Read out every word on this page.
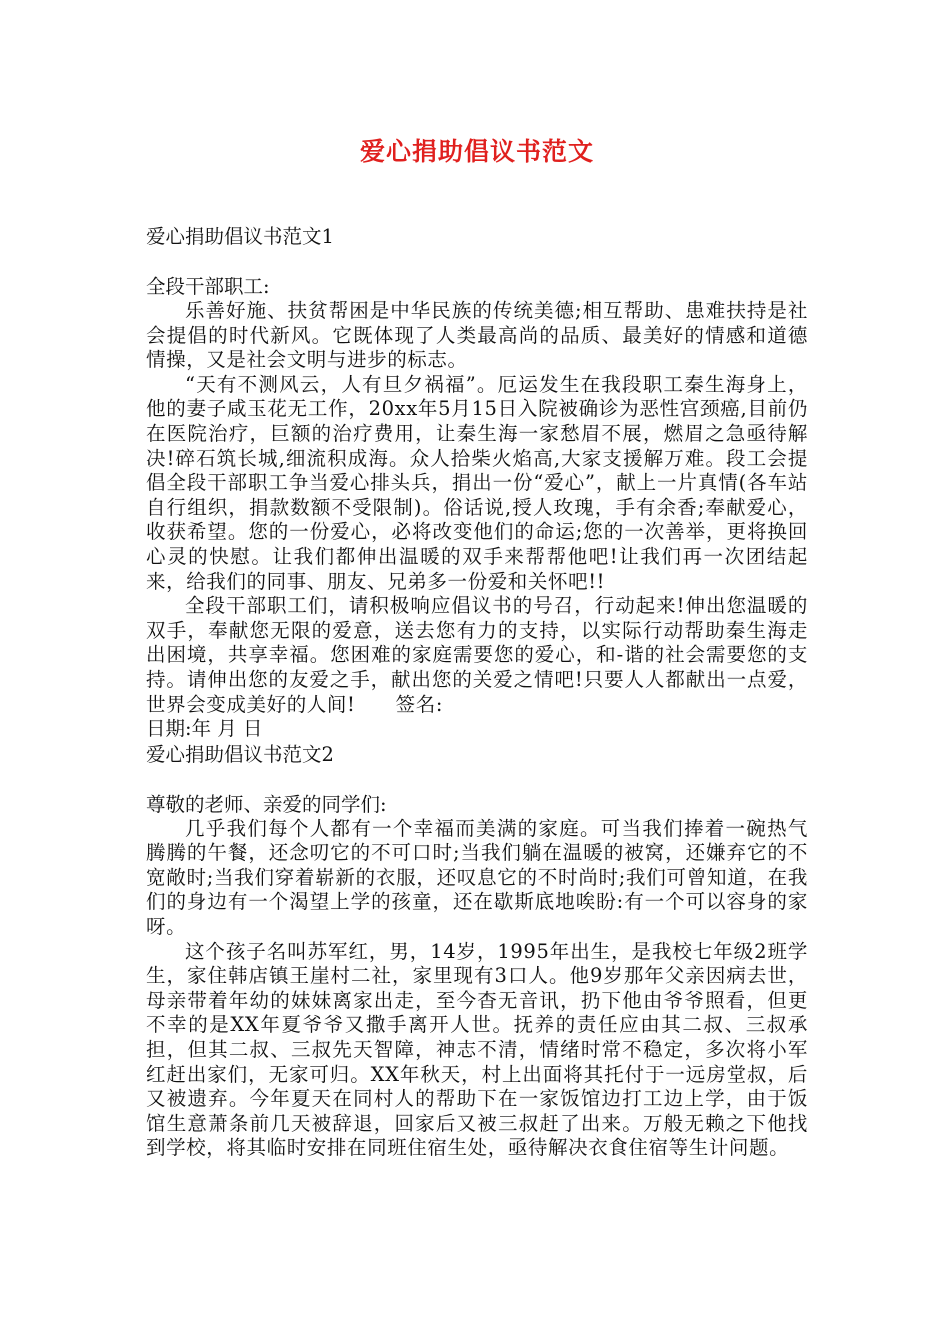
爱心捐助倡议书范文

爱心捐助倡议书范文1

全段干部职工:

乐善好施、扶贫帮困是中华民族的传统美德;相互帮助、患难扶持是社会提倡的时代新风。它既体现了人类最高尚的品质、最美好的情感和道德情操，又是社会文明与进步的标志。

“天有不测风云，人有旦夕祸福”。厄运发生在我段职工秦生海身上，他的妻子咸玉花无工作，20xx年5月15日入院被确诊为恶性宫颈癌,目前仍在医院治疗，巨额的治疗费用，让秦生海一家愁眉不展，燃眉之急亟待解决!碎石筑长城,细流积成海。众人拾柴火焰高,大家支援解万难。段工会提倡全段干部职工争当爱心排头兵，捐出一份“爱心”，献上一片真情(各车站自行组织，捐款数额不受限制)。俗话说,授人玫瑰，手有余香;奉献爱心，收获希望。您的一份爱心，必将改变他们的命运;您的一次善举，更将换回心灵的快慰。让我们都伸出温暖的双手来帮帮他吧!让我们再一次团结起来，给我们的同事、朋友、兄弟多一份爱和关怀吧!!

全段干部职工们，请积极响应倡议书的号召，行动起来!伸出您温暖的双手，奉献您无限的爱意，送去您有力的支持，以实际行动帮助秦生海走出困境，共享幸福。您困难的家庭需要您的爱心，和-谐的社会需要您的支持。请伸出您的友爱之手，献出您的关爱之情吧!只要人人都献出一点爱，世界会变成美好的人间!　　签名:

日期:年 月 日

爱心捐助倡议书范文2

尊敬的老师、亲爱的同学们:

几乎我们每个人都有一个幸福而美满的家庭。可当我们捧着一碗热气腾腾的午餐，还念叨它的不可口时;当我们躺在温暖的被窝，还嫌弃它的不宽敞时;当我们穿着崭新的衣服，还叹息它的不时尚时;我们可曾知道，在我们的身边有一个渴望上学的孩童，还在歇斯底地唉盼:有一个可以容身的家呀。

这个孩子名叫苏军红，男，14岁，1995年出生，是我校七年级2班学生，家住韩店镇王崖村二社，家里现有3口人。他9岁那年父亲因病去世，母亲带着年幼的妹妹离家出走，至今杳无音讯，扔下他由爷爷照看，但更不幸的是XX年夏爷爷又撒手离开人世。抚养的责任应由其二叔、三叔承担，但其二叔、三叔先天智障，神志不清，情绪时常不稳定，多次将小军红赶出家们，无家可归。XX年秋天，村上出面将其托付于一远房堂叔，后又被遗弃。今年夏天在同村人的帮助下在一家饭馆边打工边上学，由于饭馆生意萧条前几天被辞退，回家后又被三叔赶了出来。万般无赖之下他找到学校，将其临时安排在同班住宿生处，亟待解决衣食住宿等生计问题。
